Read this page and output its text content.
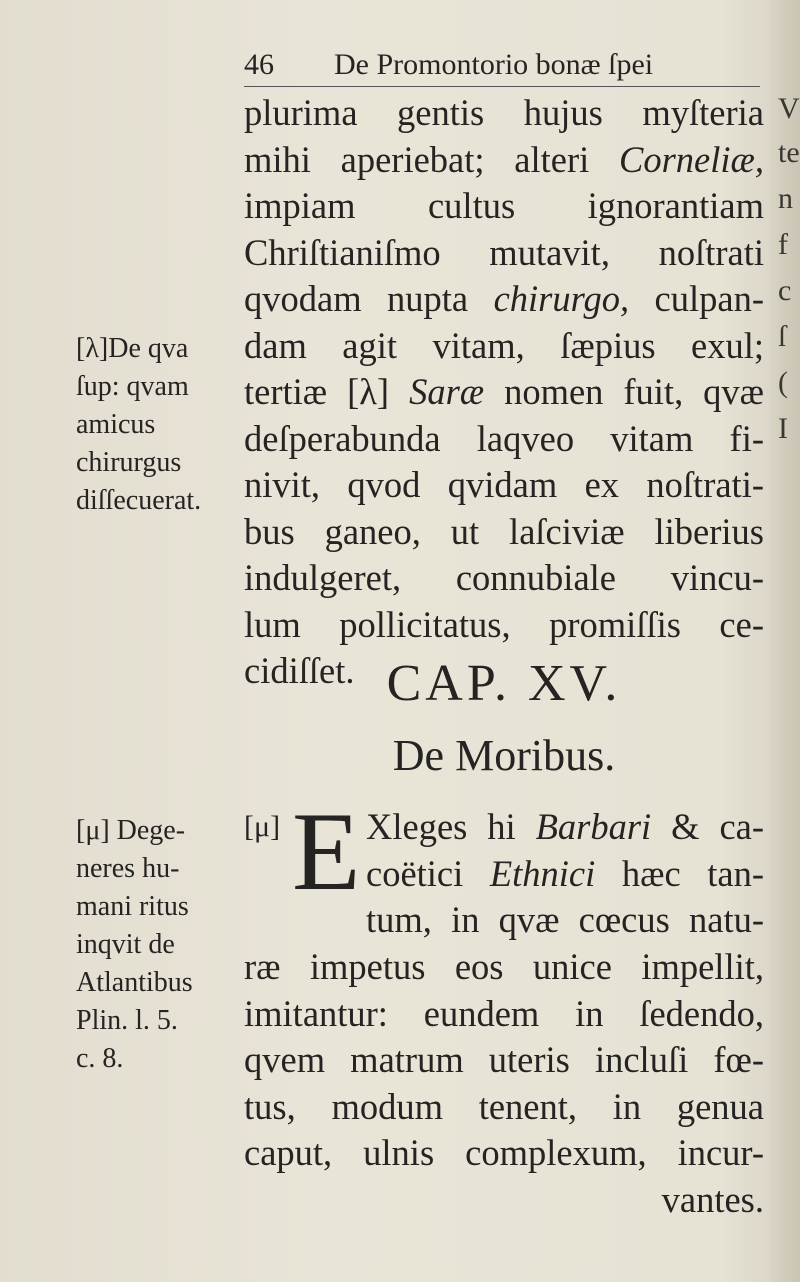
V
te
n
f
c
ſ
(
I
46 De Promontorio bonæ ſpei
plurima gentis hujus myſteria
mihi aperiebat; alteri Corneliæ,
impiam cultus ignorantiam
Chriſtianiſmo mutavit, noſtrati
qvodam nupta chirurgo, culpan-
dam agit vitam, ſæpius exul;
tertiæ [λ] Saræ nomen fuit, qvæ
deſperabunda laqveo vitam fi-
nivit, qvod qvidam ex noſtrati-
bus ganeo, ut laſciviæ liberius
indulgeret, connubiale vincu-
lum pollicitatus, promiſſis ce-
cidiſſet.
[λ]De qva
ſup: qvam
amicus
chirurgus
diſſecuerat.
CAP. XV.
De Moribus.
[μ] E Xleges hi Barbari & ca-
coëtici Ethnici hæc tan-
tum, in qvæ cœcus natu-
ræ impetus eos unice impellit,
imitantur: eundem in ſedendo,
qvem matrum uteris incluſi fœ-
tus, modum tenent, in genua
caput, ulnis complexum, incur-
vantes.
[μ] Dege-
neres hu-
mani ritus
inqvit de
Atlantibus
Plin. l. 5.
c. 8.
